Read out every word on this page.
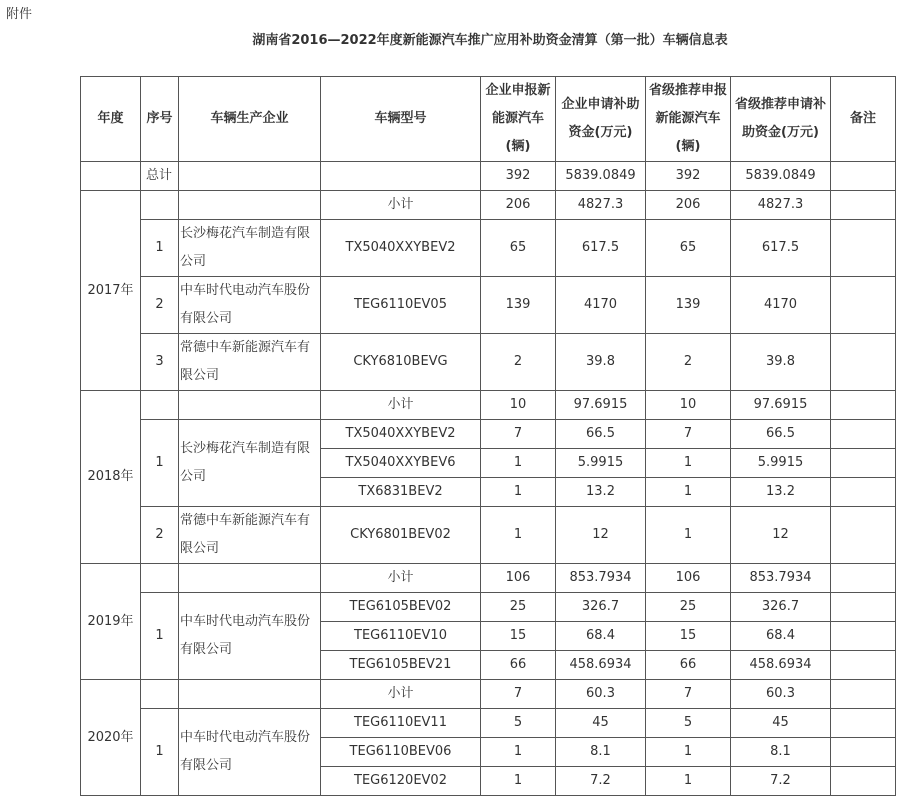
附件
湖南省2016—2022年度新能源汽车推广应用补助资金清算（第一批）车辆信息表
年度	序号	车辆生产企业	车辆型号	企业申报新能源汽车(辆)	企业申请补助资金(万元)	省级推荐申报新能源汽车(辆)	省级推荐申请补助资金(万元)	备注
	总计			392	5839.0849	392	5839.0849	
2017年			小计	206	4827.3	206	4827.3	
	1	长沙梅花汽车制造有限公司	TX5040XXYBEV2	65	617.5	65	617.5	
	2	中车时代电动汽车股份有限公司	TEG6110EV05	139	4170	139	4170	
	3	常德中车新能源汽车有限公司	CKY6810BEVG	2	39.8	2	39.8	
2018年			小计	10	97.6915	10	97.6915	
	1	长沙梅花汽车制造有限公司	TX5040XXYBEV2	7	66.5	7	66.5	
			TX5040XXYBEV6	1	5.9915	1	5.9915	
			TX6831BEV2	1	13.2	1	13.2	
	2	常德中车新能源汽车有限公司	CKY6801BEV02	1	12	1	12	
2019年			小计	106	853.7934	106	853.7934	
	1	中车时代电动汽车股份有限公司	TEG6105BEV02	25	326.7	25	326.7	
			TEG6110EV10	15	68.4	15	68.4	
			TEG6105BEV21	66	458.6934	66	458.6934	
2020年			小计	7	60.3	7	60.3	
	1	中车时代电动汽车股份有限公司	TEG6110EV11	5	45	5	45	
			TEG6110BEV06	1	8.1	1	8.1	
			TEG6120EV02	1	7.2	1	7.2	
